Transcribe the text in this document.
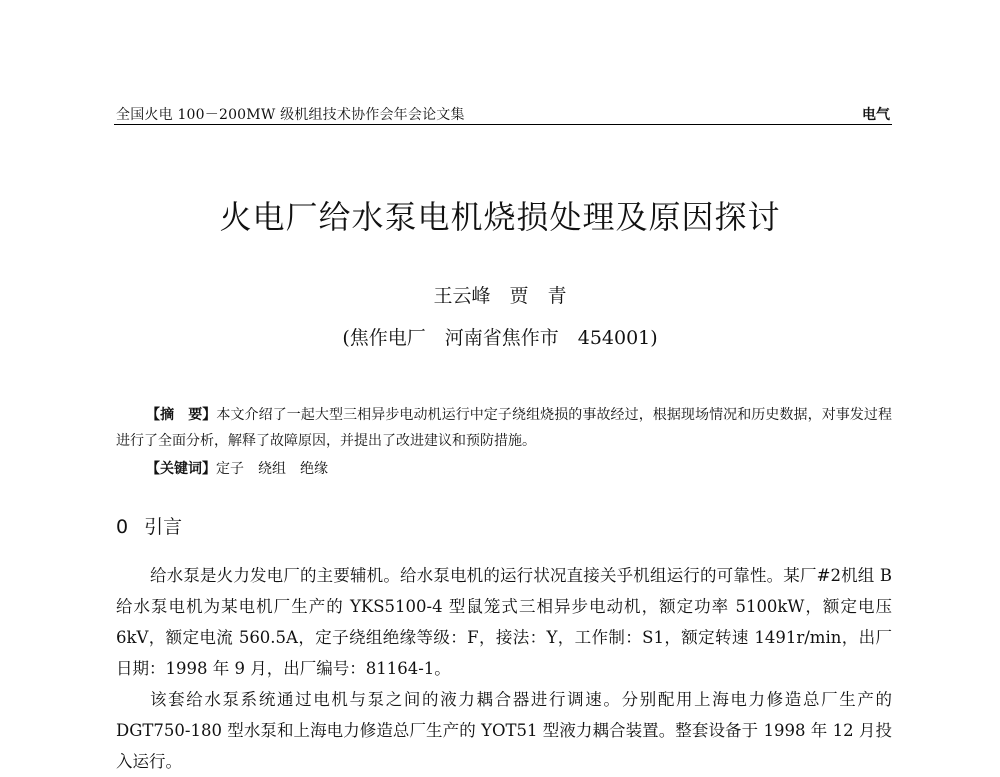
全国火电 100－200MW 级机组技术协作会年会论文集	电气
火电厂给水泵电机烧损处理及原因探讨
王云峰　贾　青
(焦作电厂　河南省焦作市　454001)
【摘　要】本文介绍了一起大型三相异步电动机运行中定子绕组烧损的事故经过，根据现场情况和历史数据，对事发过程进行了全面分析，解释了故障原因，并提出了改进建议和预防措施。
【关键词】定子 绕组 绝缘
0 引言

给水泵是火力发电厂的主要辅机。给水泵电机的运行状况直接关乎机组运行的可靠性。某厂#2机组 B 给水泵电机为某电机厂生产的 YKS5100-4 型鼠笼式三相异步电动机，额定功率 5100kW，额定电压 6kV，额定电流 560.5A，定子绕组绝缘等级：F，接法：Y，工作制：S1，额定转速 1491r/min，出厂日期：1998 年 9 月，出厂编号：81164-1。

该套给水泵系统通过电机与泵之间的液力耦合器进行调速。分别配用上海电力修造总厂生产的DGT750-180 型水泵和上海电力修造总厂生产的 YOT51 型液力耦合装置。整套设备于 1998 年 12 月投入运行。
